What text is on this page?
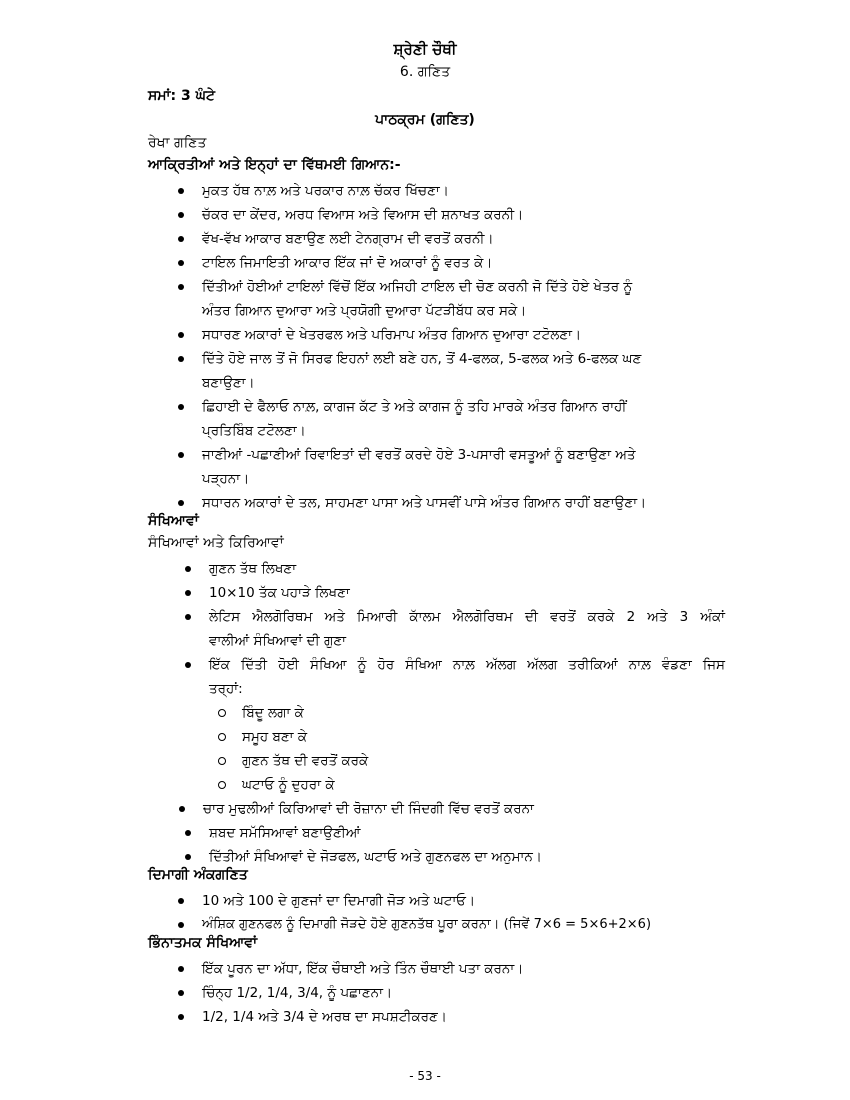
ਸ਼੍ਰੇਣੀ ਚੌਥੀ
6. ਗਣਿਤ
ਸਮਾਂ: 3 ਘੰਟੇ
ਪਾਠਕ੍ਰਮ (ਗਣਿਤ)
ਰੇਖਾ ਗਣਿਤ
ਆਕ੍ਰਿਤੀਆਂ ਅਤੇ ਇਨ੍ਹਾਂ ਦਾ ਵਿੱਥਮਈ ਗਿਆਨ:-
ਮੁਕਤ ਹੱਥ ਨਾਲ਼ ਅਤੇ ਪਰਕਾਰ ਨਾਲ਼ ਚੱਕਰ ਖਿੱਚਣਾ।
ਚੱਕਰ ਦਾ ਕੇਂਦਰ, ਅਰਧ ਵਿਆਸ ਅਤੇ ਵਿਆਸ ਦੀ ਸ਼ਨਾਖਤ ਕਰਨੀ।
ਵੱਖ-ਵੱਖ ਆਕਾਰ ਬਣਾਉਣ ਲਈ ਟੇਨਗ੍ਰਾਮ ਦੀ ਵਰਤੋਂ ਕਰਨੀ।
ਟਾਇਲ ਜਿਮਾਇਤੀ ਆਕਾਰ ਇੱਕ ਜਾਂ ਦੋ ਅਕਾਰਾਂ ਨੂੰ ਵਰਤ ਕੇ।
ਦਿੱਤੀਆਂ ਹੋਈਆਂ ਟਾਇਲਾਂ ਵਿੱਚੋਂ ਇੱਕ ਅਜਿਹੀ ਟਾਇਲ ਦੀ ਚੋਣ ਕਰਨੀ ਜੋ ਦਿੱਤੇ ਹੋਏ ਖੇਤਰ ਨੂੰ
ਅੰਤਰ ਗਿਆਨ ਦੁਆਰਾ ਅਤੇ ਪ੍ਰਯੋਗੀ ਦੁਆਰਾ ਪੱਟੜੀਬੱਧ ਕਰ ਸਕੇ।
ਸਧਾਰਣ ਅਕਾਰਾਂ ਦੇ ਖੇਤਰਫਲ ਅਤੇ ਪਰਿਮਾਪ ਅੰਤਰ ਗਿਆਨ ਦੁਆਰਾ ਟਟੋਲਣਾ।
ਦਿੱਤੇ ਹੋਏ ਜਾਲ ਤੋਂ ਜੋ ਸਿਰਫ ਇਹਨਾਂ ਲਈ ਬਣੇ ਹਨ, ਤੋਂ 4-ਫਲਕ, 5-ਫਲਕ ਅਤੇ 6-ਫਲਕ ਘਣ
ਬਣਾਉਣਾ।
ਛਿਹਾਈ ਦੇ ਫੈਲਾਓ ਨਾਲ਼, ਕਾਗਜ ਕੱਟ ਤੇ ਅਤੇ ਕਾਗਜ ਨੂੰ ਤਹਿ ਮਾਰਕੇ ਅੰਤਰ ਗਿਆਨ ਰਾਹੀਂ
ਪ੍ਰਤਿਬਿੰਬ ਟਟੋਲਣਾ।
ਜਾਣੀਆਂ -ਪਛਾਣੀਆਂ ਰਿਵਾਇਤਾਂ ਦੀ ਵਰਤੋਂ ਕਰਦੇ ਹੋਏ 3-ਪਸਾਰੀ ਵਸਤੂਆਂ ਨੂੰ ਬਣਾਉਣਾ ਅਤੇ
ਪੜ੍ਹਨਾ।
ਸਧਾਰਨ ਅਕਾਰਾਂ ਦੇ ਤਲ, ਸਾਹਮਣਾ ਪਾਸਾ ਅਤੇ ਪਾਸਵੀਂ ਪਾਸੇ ਅੰਤਰ ਗਿਆਨ ਰਾਹੀਂ ਬਣਾਉਣਾ।
ਸੰਖਿਆਵਾਂ
ਸੰਖਿਆਵਾਂ ਅਤੇ ਕਿਰਿਆਵਾਂ
ਗੁਣਨ ਤੱਥ ਲਿਖਣਾ
10×10 ਤੱਕ ਪਹਾੜੇ ਲਿਖਣਾ
ਲੇਟਿਸ ਐਲਗੋਰਿਥਮ ਅਤੇ ਮਿਆਰੀ ਕਾੱਲਮ ਐਲਗੋਰਿਥਮ ਦੀ ਵਰਤੋਂ ਕਰਕੇ 2 ਅਤੇ 3 ਅੰਕਾਂ
ਵਾਲੀਆਂ ਸੰਖਿਆਵਾਂ ਦੀ ਗੁਣਾ
ਇੱਕ ਦਿੱਤੀ ਹੋਈ ਸੰਖਿਆ ਨੂੰ ਹੋਰ ਸੰਖਿਆ ਨਾਲ਼ ਅੱਲਗ ਅੱਲਗ ਤਰੀਕਿਆਂ ਨਾਲ਼ ਵੰਡਣਾ ਜਿਸ
ਤਰ੍ਹਾਂ:
ਬਿੰਦੂ ਲਗਾ ਕੇ
ਸਮੂਹ ਬਣਾ ਕੇ
ਗੁਣਨ ਤੱਥ ਦੀ ਵਰਤੋਂ ਕਰਕੇ
ਘਟਾਓ ਨੂੰ ਦੁਹਰਾ ਕੇ
ਚਾਰ ਮੁਢਲੀਆਂ ਕਿਰਿਆਵਾਂ ਦੀ ਰੋਜ਼ਾਨਾ ਦੀ ਜਿੰਦਗੀ ਵਿੱਚ ਵਰਤੋਂ ਕਰਨਾ
ਸ਼ਬਦ ਸਮੱਸਿਆਵਾਂ ਬਣਾਉਣੀਆਂ
ਦਿੱਤੀਆਂ ਸੰਖਿਆਵਾਂ ਦੇ ਜੋੜਫਲ, ਘਟਾਓ ਅਤੇ ਗੁਣਨਫਲ ਦਾ ਅਨੁਮਾਨ।
ਦਿਮਾਗੀ ਅੰਕਗਣਿਤ
10 ਅਤੇ 100 ਦੇ ਗੁਣਜਾਂ ਦਾ ਦਿਮਾਗੀ ਜੋੜ ਅਤੇ ਘਟਾਓ।
ਅੰਸ਼ਿਕ ਗੁਣਨਫਲ ਨੂੰ ਦਿਮਾਗੀ ਜੋੜਦੇ ਹੋਏ ਗੁਣਨਤੱਥ ਪੂਰਾ ਕਰਨਾ। (ਜਿਵੇਂ 7×6 = 5×6+2×6)
ਭਿੰਨਾਤਮਕ ਸੰਖਿਆਵਾਂ
ਇੱਕ ਪੂਰਨ ਦਾ ਅੱਧਾ, ਇੱਕ ਚੌਥਾਈ ਅਤੇ ਤਿੰਨ ਚੌਥਾਈ ਪਤਾ ਕਰਨਾ।
ਚਿੰਨ੍ਹ 1/2, 1/4, 3/4, ਨੂੰ ਪਛਾਣਨਾ।
1/2, 1/4 ਅਤੇ 3/4 ਦੇ ਅਰਥ ਦਾ ਸਪਸ਼ਟੀਕਰਣ।
- 53 -
